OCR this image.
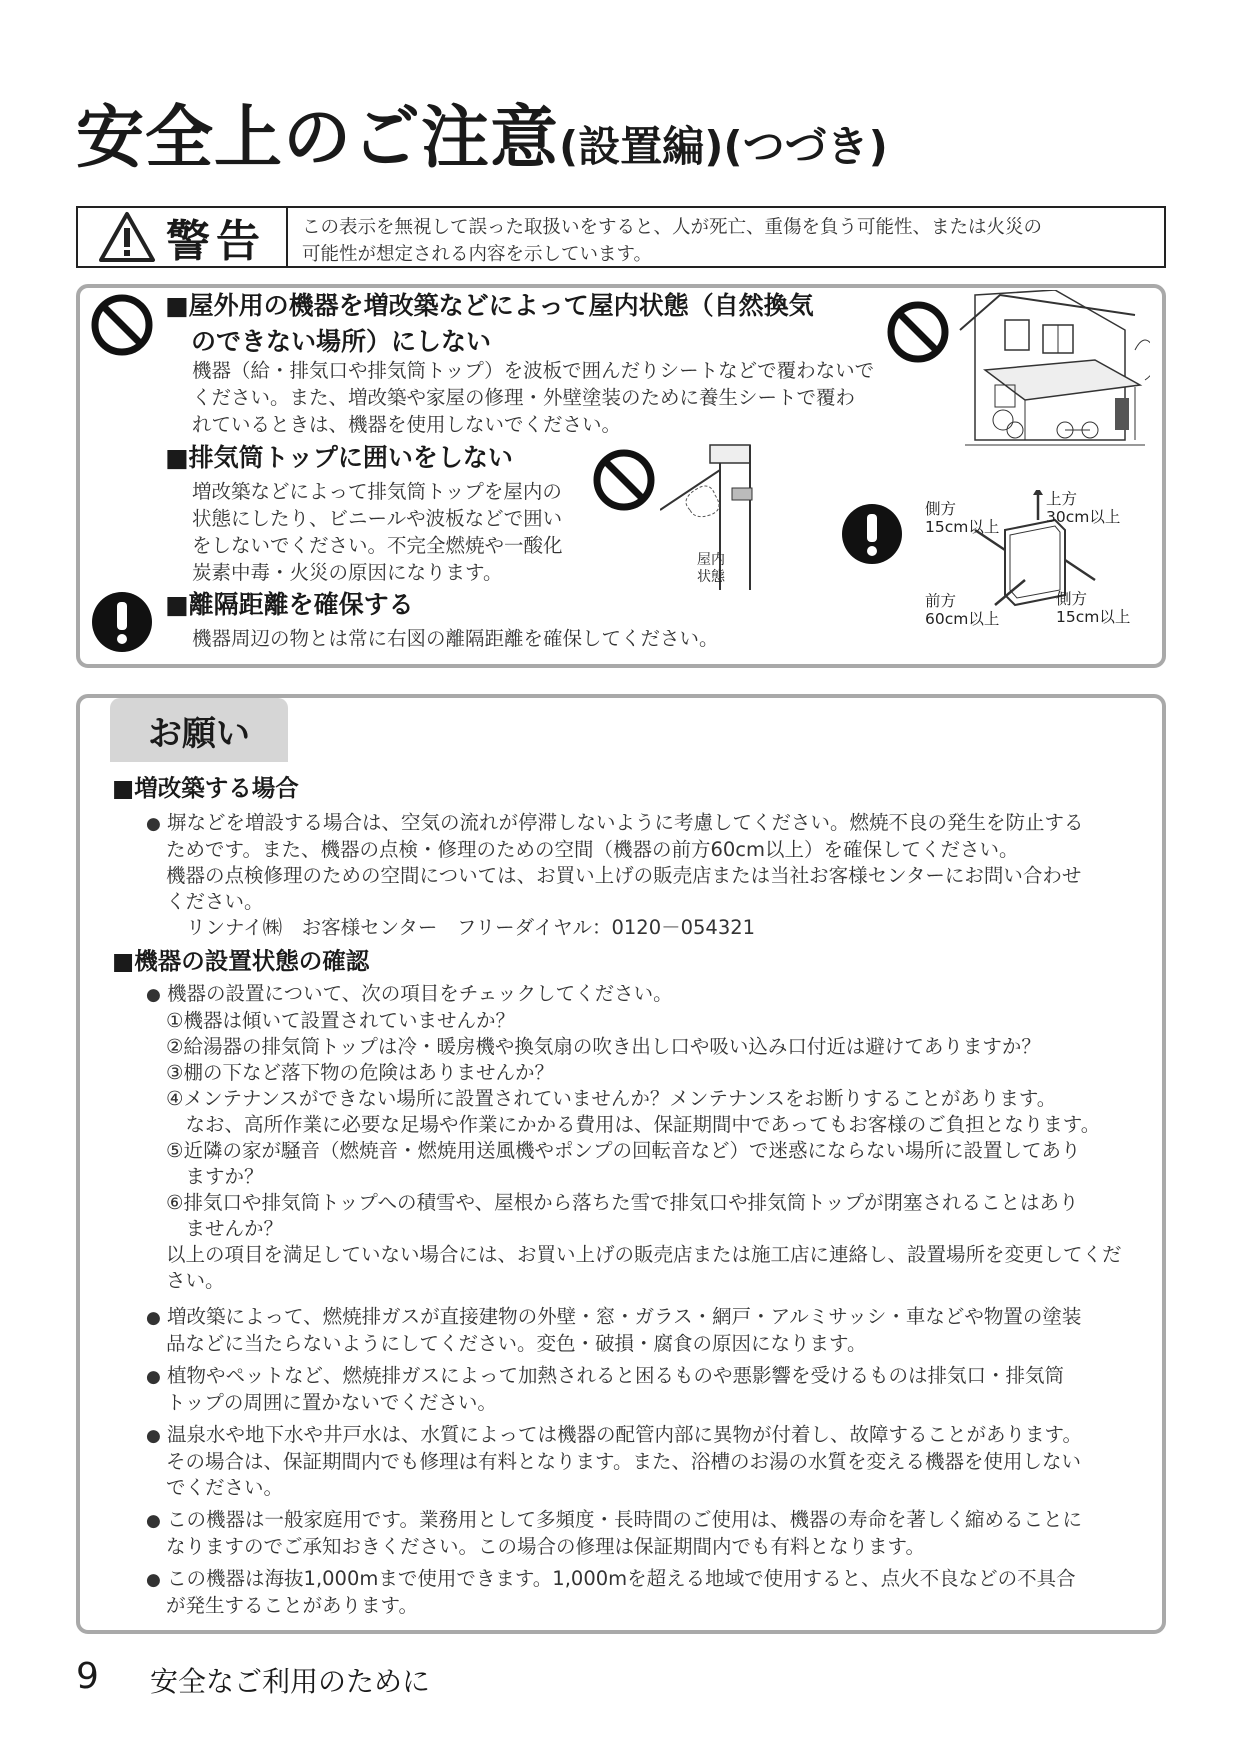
安全上のご注意(設置編)(つづき)
警告 この表示を無視して誤った取扱いをすると、人が死亡、重傷を負う可能性、または火災の
可能性が想定される内容を示しています。
■屋外用の機器を増改築などによって屋内状態（自然換気
のできない場所）にしない
機器（給・排気口や排気筒トップ）を波板で囲んだりシートなどで覆わないで
ください。また、増改築や家屋の修理・外壁塗装のために養生シートで覆わ
れているときは、機器を使用しないでください。
■排気筒トップに囲いをしない
増改築などによって排気筒トップを屋内の
状態にしたり、ビニールや波板などで囲い
をしないでください。不完全燃焼や一酸化
炭素中毒・火災の原因になります。
屋内
状態
上方
30cm以上
側方
15cm以上
側方
15cm以上
前方
60cm以上
■離隔距離を確保する
機器周辺の物とは常に右図の離隔距離を確保してください。
お願い
■増改築する場合
● 塀などを増設する場合は、空気の流れが停滞しないように考慮してください。燃焼不良の発生を防止する
ためです。また、機器の点検・修理のための空間（機器の前方60cm以上）を確保してください。
機器の点検修理のための空間については、お買い上げの販売店または当社お客様センターにお問い合わせ
ください。
リンナイ㈱　お客様センター　フリーダイヤル：0120－054321
■機器の設置状態の確認
● 機器の設置について、次の項目をチェックしてください。
①機器は傾いて設置されていませんか？
②給湯器の排気筒トップは冷・暖房機や換気扇の吹き出し口や吸い込み口付近は避けてありますか？
③棚の下など落下物の危険はありませんか？
④メンテナンスができない場所に設置されていませんか？メンテナンスをお断りすることがあります。
　なお、高所作業に必要な足場や作業にかかる費用は、保証期間中であってもお客様のご負担となります。
⑤近隣の家が騒音（燃焼音・燃焼用送風機やポンプの回転音など）で迷惑にならない場所に設置してあり
　ますか？
⑥排気口や排気筒トップへの積雪や、屋根から落ちた雪で排気口や排気筒トップが閉塞されることはあり
　ませんか？
以上の項目を満足していない場合には、お買い上げの販売店または施工店に連絡し、設置場所を変更してくだ
さい。
● 増改築によって、燃焼排ガスが直接建物の外壁・窓・ガラス・網戸・アルミサッシ・車などや物置の塗装
品などに当たらないようにしてください。変色・破損・腐食の原因になります。
● 植物やペットなど、燃焼排ガスによって加熱されると困るものや悪影響を受けるものは排気口・排気筒
トップの周囲に置かないでください。
● 温泉水や地下水や井戸水は、水質によっては機器の配管内部に異物が付着し、故障することがあります。
その場合は、保証期間内でも修理は有料となります。また、浴槽のお湯の水質を変える機器を使用しない
でください。
● この機器は一般家庭用です。業務用として多頻度・長時間のご使用は、機器の寿命を著しく縮めることに
なりますのでご承知おきください。この場合の修理は保証期間内でも有料となります。
● この機器は海抜1,000mまで使用できます。1,000mを超える地域で使用すると、点火不良などの不具合
が発生することがあります。
9 安全なご利用のために
